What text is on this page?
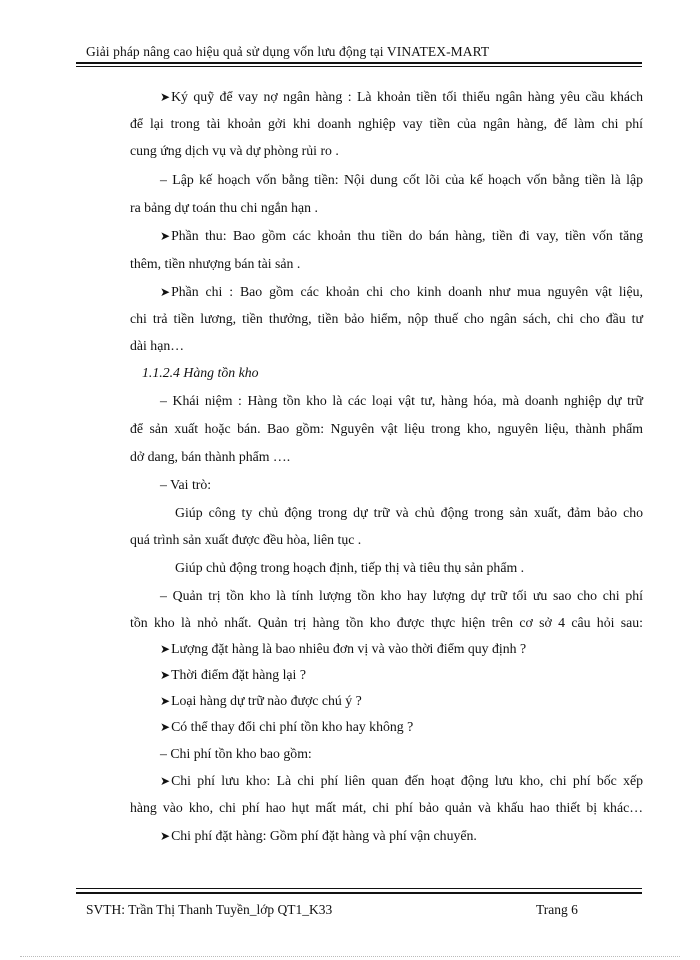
Giải pháp nâng cao hiệu quả sử dụng vốn lưu động tại VINATEX-MART
➤Ký quỹ để vay nợ ngân hàng : Là khoản tiền tối thiểu ngân hàng yêu cầu khách
để lại trong tài khoản gởi khi doanh nghiệp vay tiền của ngân hàng, để làm chi phí
cung ứng dịch vụ và dự phòng rủi ro .
– Lập kế hoạch vốn bằng tiền: Nội dung cốt lõi của kế hoạch vốn bằng tiền là lập
ra bảng dự toán thu chi ngắn hạn .
➤Phần thu: Bao gồm các khoản thu tiền do bán hàng, tiền đi vay, tiền vốn tăng
thêm, tiền nhượng bán tài sản .
➤Phần chi : Bao gồm các khoản chi cho kinh doanh như mua nguyên vật liệu,
chi trả tiền lương, tiền thưởng, tiền bảo hiểm, nộp thuế cho ngân sách, chi cho đầu tư
dài hạn…
1.1.2.4 Hàng tồn kho
– Khái niệm : Hàng tồn kho là các loại vật tư, hàng hóa, mà doanh nghiệp dự trữ
để sản xuất hoặc bán. Bao gồm: Nguyên vật liệu trong kho, nguyên liệu, thành phẩm
dở dang, bán thành phẩm ….
– Vai trò:
Giúp công ty chủ động trong dự trữ và chủ động trong sản xuất, đảm bảo cho
quá trình sản xuất được đều hòa, liên tục .
Giúp chủ động trong hoạch định, tiếp thị và tiêu thụ sản phẩm .
– Quản trị tồn kho là tính lượng tồn kho hay lượng dự trữ tối ưu sao cho chi phí
tồn kho là nhỏ nhất. Quản trị hàng tồn kho được thực hiện trên cơ sở 4 câu hỏi sau:
➤Lượng đặt hàng là bao nhiêu đơn vị và vào thời điểm quy định ?
➤Thời điểm đặt hàng lại ?
➤Loại hàng dự trữ nào được chú ý ?
➤Có thể thay đổi chi phí tồn kho hay không ?
– Chi phí tồn kho bao gồm:
➤Chi phí lưu kho: Là chi phí liên quan đến hoạt động lưu kho, chi phí bốc xếp
hàng vào kho, chi phí hao hụt mất mát, chi phí bảo quản và khấu hao thiết bị khác…
➤Chi phí đặt hàng: Gồm phí đặt hàng và phí vận chuyển.
SVTH: Trần Thị Thanh Tuyền_lớp QT1_K33	Trang 6
